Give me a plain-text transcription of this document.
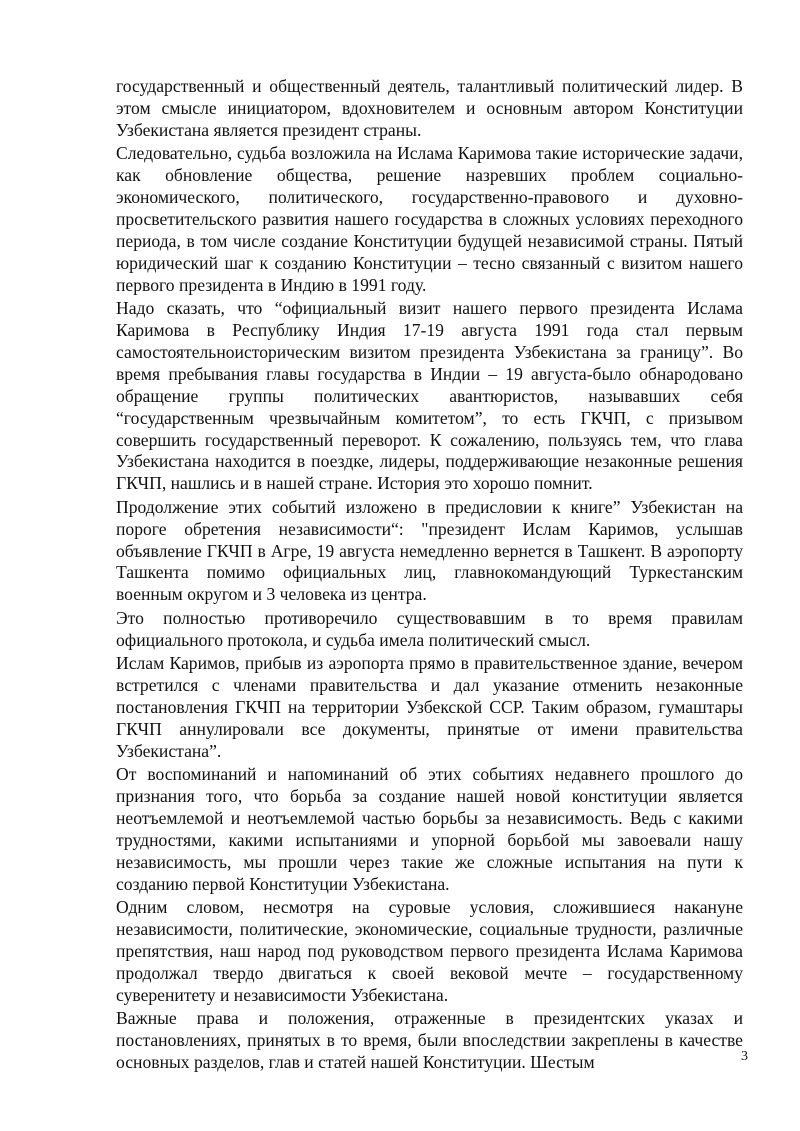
государственный и общественный деятель, талантливый политический лидер. В этом смысле инициатором, вдохновителем и основным автором Конституции Узбекистана является президент страны.

Следовательно, судьба возложила на Ислама Каримова такие исторические задачи, как обновление общества, решение назревших проблем социально-экономического, политического, государственно-правового и духовно-просветительского развития нашего государства в сложных условиях переходного периода, в том числе создание Конституции будущей независимой страны. Пятый юридический шаг к созданию Конституции – тесно связанный с визитом нашего первого президента в Индию в 1991 году.

Надо сказать, что “официальный визит нашего первого президента Ислама Каримова в Республику Индия 17-19 августа 1991 года стал первым самостоятельноисторическим визитом президента Узбекистана за границу”. Во время пребывания главы государства в Индии – 19 августа-было обнародовано обращение группы политических авантюристов, называвших себя “государственным чрезвычайным комитетом”, то есть ГКЧП, с призывом совершить государственный переворот. К сожалению, пользуясь тем, что глава Узбекистана находится в поездке, лидеры, поддерживающие незаконные решения ГКЧП, нашлись и в нашей стране. История это хорошо помнит.

Продолжение этих событий изложено в предисловии к книге” Узбекистан на пороге обретения независимости“: "президент Ислам Каримов, услышав объявление ГКЧП в Агре, 19 августа немедленно вернется в Ташкент. В аэропорту Ташкента помимо официальных лиц, главнокомандующий Туркестанским военным округом и 3 человека из центра.

Это полностью противоречило существовавшим в то время правилам официального протокола, и судьба имела политический смысл.

Ислам Каримов, прибыв из аэропорта прямо в правительственное здание, вечером встретился с членами правительства и дал указание отменить незаконные постановления ГКЧП на территории Узбекской ССР. Таким образом, гумаштары ГКЧП аннулировали все документы, принятые от имени правительства Узбекистана”.

От воспоминаний и напоминаний об этих событиях недавнего прошлого до признания того, что борьба за создание нашей новой конституции является неотъемлемой и неотъемлемой частью борьбы за независимость. Ведь с какими трудностями, какими испытаниями и упорной борьбой мы завоевали нашу независимость, мы прошли через такие же сложные испытания на пути к созданию первой Конституции Узбекистана.

Одним словом, несмотря на суровые условия, сложившиеся накануне независимости, политические, экономические, социальные трудности, различные препятствия, наш народ под руководством первого президента Ислама Каримова продолжал твердо двигаться к своей вековой мечте – государственному суверенитету и независимости Узбекистана.

Важные права и положения, отраженные в президентских указах и постановлениях, принятых в то время, были впоследствии закреплены в качестве основных разделов, глав и статей нашей Конституции. Шестым	3
